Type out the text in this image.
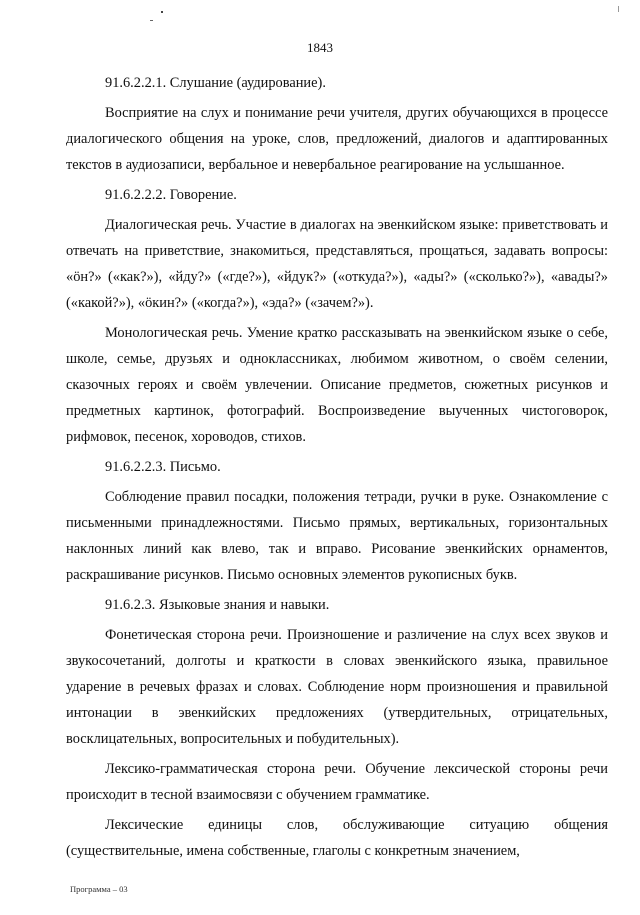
1843

91.6.2.2.1. Слушание (аудирование).

Восприятие на слух и понимание речи учителя, других обучающихся в процессе диалогического общения на уроке, слов, предложений, диалогов и адаптированных текстов в аудиозаписи, вербальное и невербальное реагирование на услышанное.

91.6.2.2.2. Говорение.

Диалогическая речь. Участие в диалогах на эвенкийском языке: приветствовать и отвечать на приветствие, знакомиться, представляться, прощаться, задавать вопросы: «ӧн?» («как?»), «йду?» («где?»), «йдук?» («откуда?»), «ады?» («сколько?»), «авады?» («какой?»), «ӧкин?» («когда?»), «эда?» («зачем?»).

Монологическая речь. Умение кратко рассказывать на эвенкийском языке о себе, школе, семье, друзьях и одноклассниках, любимом животном, о своём селении, сказочных героях и своём увлечении. Описание предметов, сюжетных рисунков и предметных картинок, фотографий. Воспроизведение выученных чистоговорок, рифмовок, песенок, хороводов, стихов.

91.6.2.2.3. Письмо.

Соблюдение правил посадки, положения тетради, ручки в руке. Ознакомление с письменными принадлежностями. Письмо прямых, вертикальных, горизонтальных наклонных линий как влево, так и вправо. Рисование эвенкийских орнаментов, раскрашивание рисунков. Письмо основных элементов рукописных букв.

91.6.2.3. Языковые знания и навыки.

Фонетическая сторона речи. Произношение и различение на слух всех звуков и звукосочетаний, долготы и краткости в словах эвенкийского языка, правильное ударение в речевых фразах и словах. Соблюдение норм произношения и правильной интонации в эвенкийских предложениях (утвердительных, отрицательных, восклицательных, вопросительных и побудительных).

Лексико-грамматическая сторона речи. Обучение лексической стороны речи происходит в тесной взаимосвязи с обучением грамматике.

Лексические единицы слов, обслуживающие ситуацию общения (существительные, имена собственные, глаголы с конкретным значением,

Программа – 03
